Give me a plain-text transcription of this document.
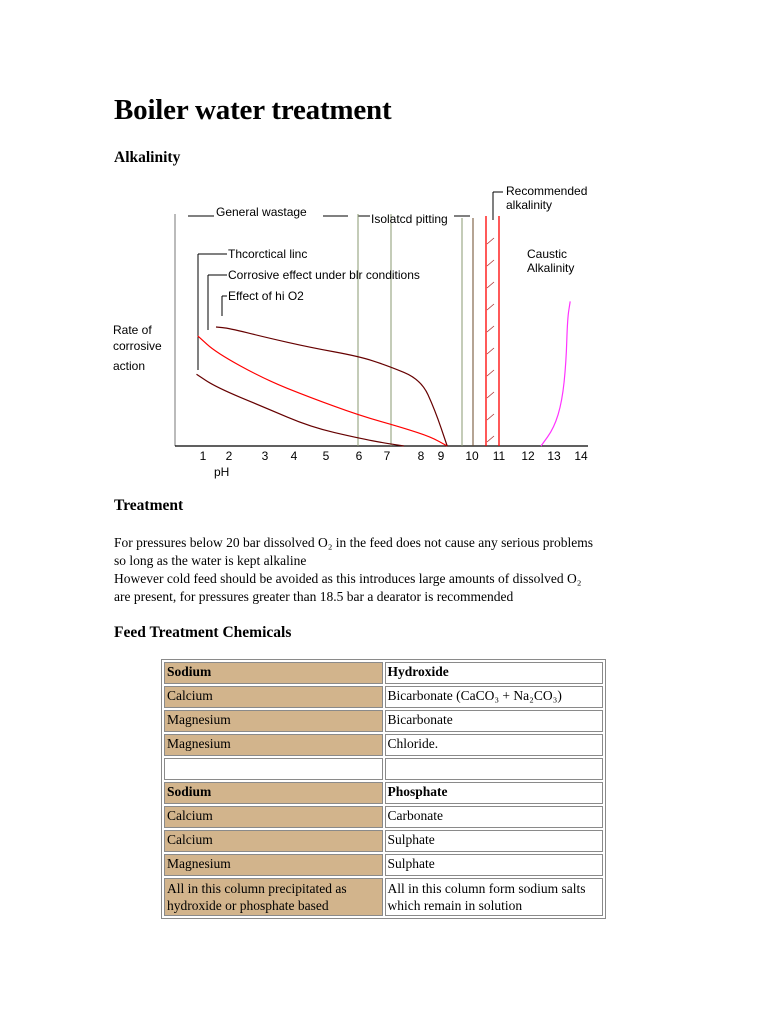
Boiler water treatment
Alkalinity
General wastage	Isolatcd pitting
Recommended
alkalinity
Thcorctical linc
Corrosive effect under blr conditions
Effect of hi O2
Caustic
Alkalinity
Rate of
corrosive
action
pH
1	2	3	4	5	6	7	8	9	10	11	12	13	14
Treatment

For pressures below 20 bar dissolved O₂ in the feed does not cause any serious problems

so long as the water is kept alkaline

However cold feed should be avoided as this introduces large amounts of dissolved O₂

are present, for pressures greater than 18.5 bar a dearator is recommended

Feed Treatment Chemicals
Sodium	Hydroxide
Calcium	Bicarbonate (CaCO₃ + Na₂CO₃)
Magnesium	Bicarbonate
Magnesium	Chloride.

Sodium	Phosphate
Calcium	Carbonate
Calcium	Sulphate
Magnesium	Sulphate
All in this column precipitated as hydroxide or phosphate based	All in this column form sodium salts which remain in solution
